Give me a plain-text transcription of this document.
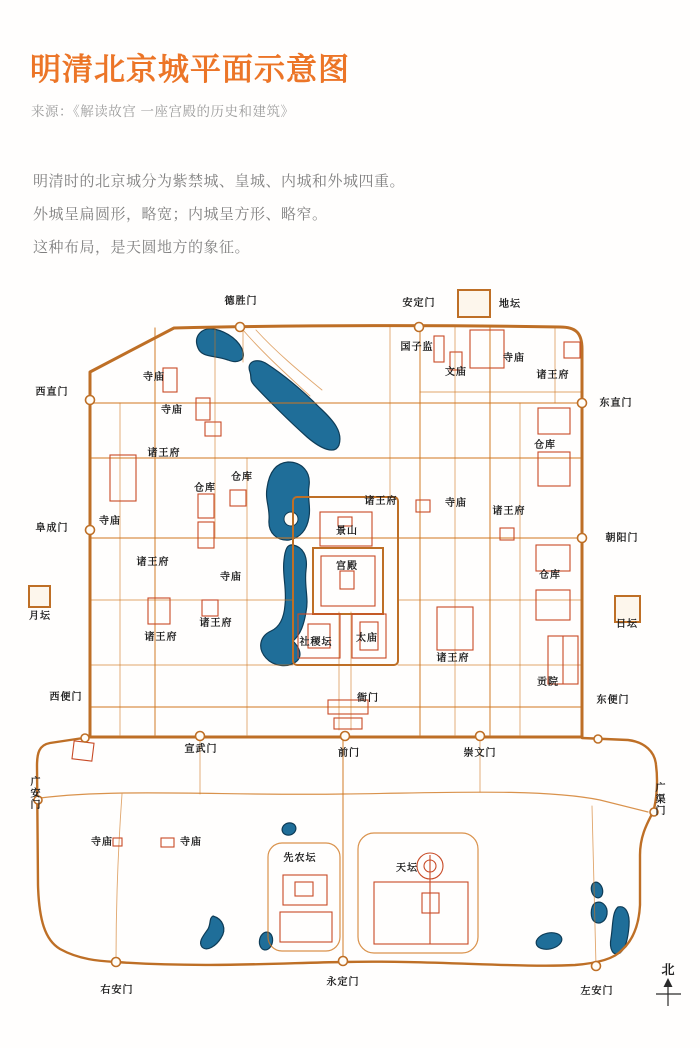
明清北京城平面示意图
来源：《解读故宫 一座宫殿的历史和建筑》
明清时的北京城分为紫禁城、皇城、内城和外城四重。
外城呈扁圆形，略宽；内城呈方形、略窄。
这种布局，是天圆地方的象征。
德胜门	安定门	地坛
西直门
东直门
阜成门
朝阳门
月坛
日坛
西便门	东便门
广安门
广渠门
宣武门	前门	崇文门
右安门
永定门
左安门
寺庙
寺庙
诸王府
仓库
仓库
国子监
文庙
寺庙
诸王府
仓库
诸王府	寺庙
诸王府
寺庙
诸王府
寺庙
景山
宫殿
社稷坛 太庙
诸王府
诸王府
诸王府
仓库
贡院
衙门
寺庙	寺庙
先农坛
天坛
北
